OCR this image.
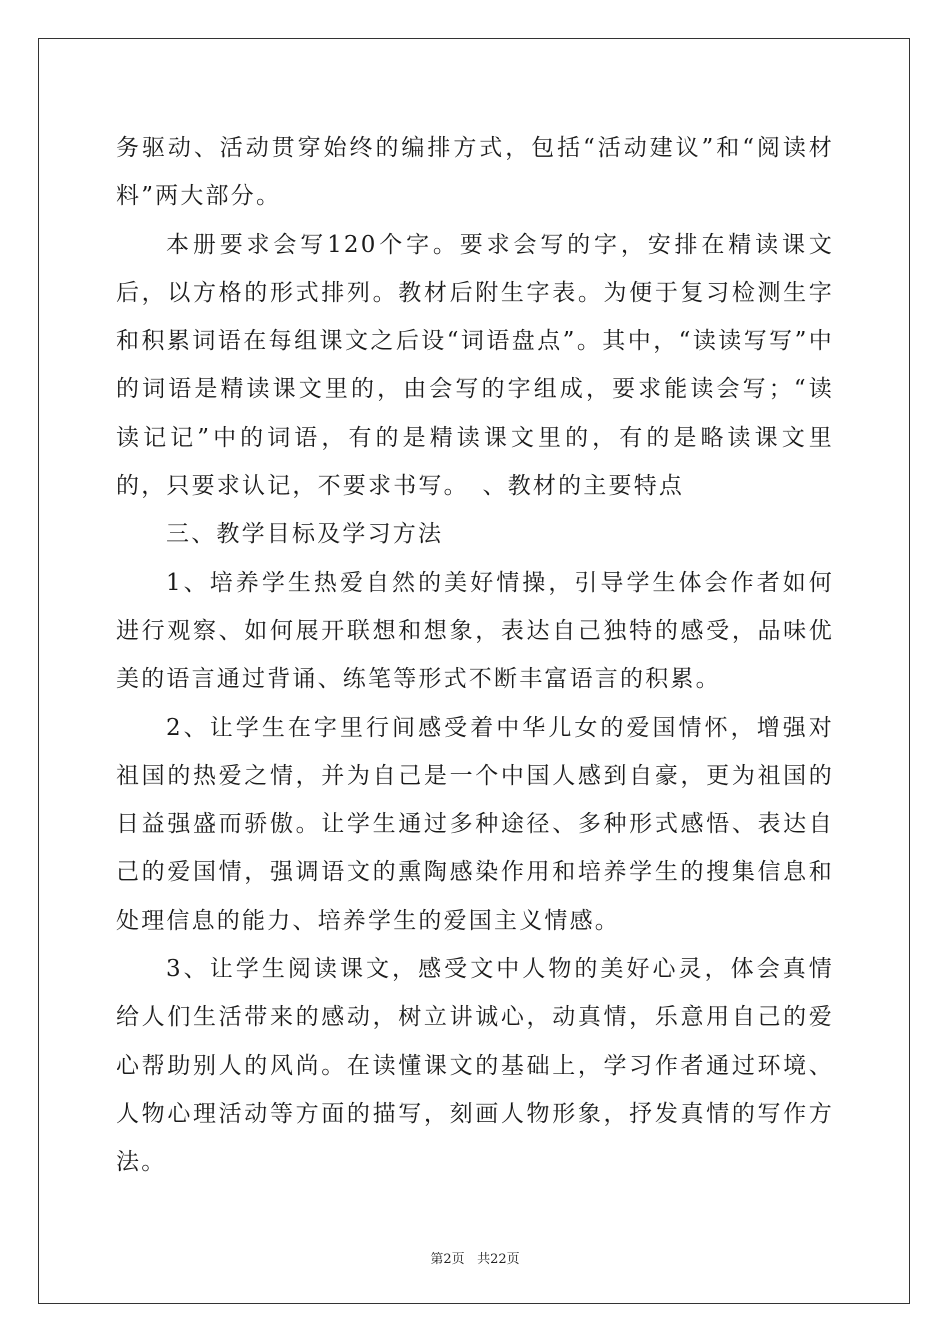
务驱动、活动贯穿始终的编排方式，包括“活动建议”和“阅读材料”两大部分。

本册要求会写120个字。要求会写的字，安排在精读课文后，以方格的形式排列。教材后附生字表。为便于复习检测生字和积累词语在每组课文之后设“词语盘点”。其中，“读读写写”中的词语是精读课文里的，由会写的字组成，要求能读会写；“读读记记”中的词语，有的是精读课文里的，有的是略读课文里的，只要求认记，不要求书写。　、教材的主要特点

三、教学目标及学习方法

1、培养学生热爱自然的美好情操，引导学生体会作者如何进行观察、如何展开联想和想象，表达自己独特的感受，品味优美的语言通过背诵、练笔等形式不断丰富语言的积累。

2、让学生在字里行间感受着中华儿女的爱国情怀，增强对祖国的热爱之情，并为自己是一个中国人感到自豪，更为祖国的日益强盛而骄傲。让学生通过多种途径、多种形式感悟、表达自己的爱国情，强调语文的熏陶感染作用和培养学生的搜集信息和处理信息的能力、培养学生的爱国主义情感。

3、让学生阅读课文，感受文中人物的美好心灵，体会真情给人们生活带来的感动，树立讲诚心，动真情，乐意用自己的爱心帮助别人的风尚。在读懂课文的基础上，学习作者通过环境、人物心理活动等方面的描写，刻画人物形象，抒发真情的写作方法。

第2页 共22页
